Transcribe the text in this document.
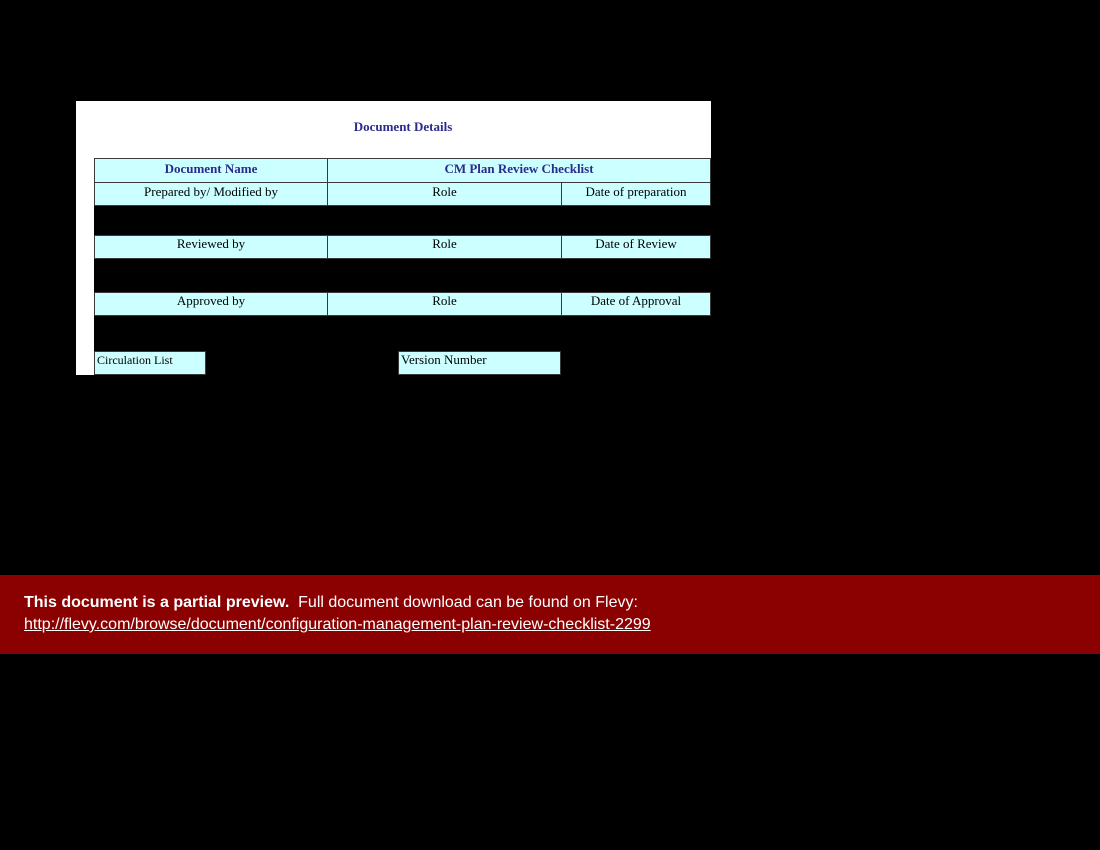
Document Details
Document Name	CM Plan Review Checklist
Prepared by/ Modified by	Role	Date of preparation
Reviewed by	Role	Date of Review
Approved by	Role	Date of Approval
Circulation List	Version Number
This document is a partial preview. Full document download can be found on Flevy:
http://flevy.com/browse/document/configuration-management-plan-review-checklist-2299
